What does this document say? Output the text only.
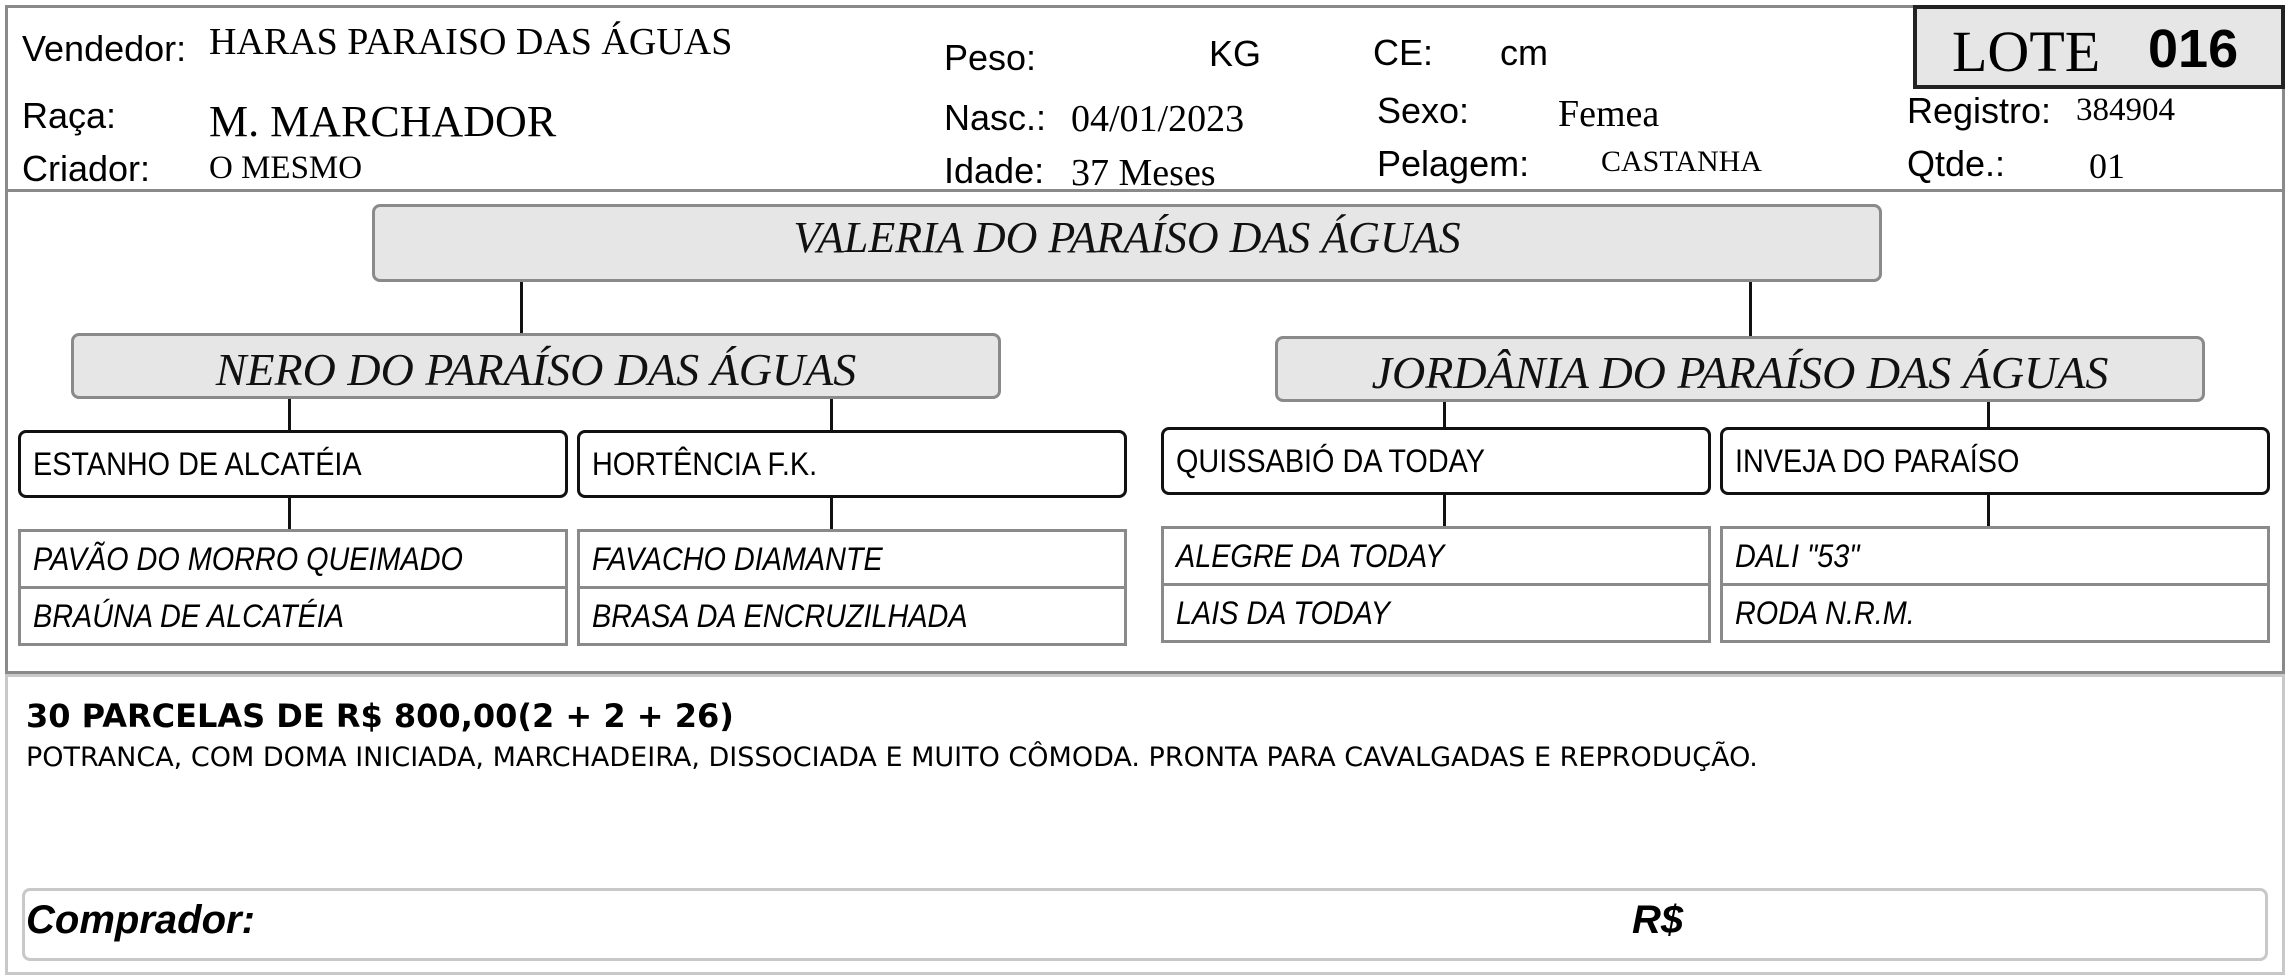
Vendedor: HARAS PARAISO DAS ÁGUAS
Raça: M. MARCHADOR
Criador: O MESMO
Peso:	KG
Nasc.: 04/01/2023
Idade: 37 Meses
CE: cm
Sexo: Femea
Pelagem: CASTANHA
LOTE 016
Registro: 384904
Qtde.: 01
VALERIA DO PARAÍSO DAS ÁGUAS
NERO DO PARAÍSO DAS ÁGUAS	JORDÂNIA DO PARAÍSO DAS ÁGUAS
ESTANHO DE ALCATÉIA	HORTÊNCIA F.K.	QUISSABIÓ DA TODAY	INVEJA DO PARAÍSO
PAVÃO DO MORRO QUEIMADO
BRAÚNA DE ALCATÉIA
FAVACHO DIAMANTE
BRASA DA ENCRUZILHADA
ALEGRE DA TODAY
LAIS DA TODAY
DALI "53"
RODA N.R.M.
30 PARCELAS DE R$ 800,00(2 + 2 + 26)
POTRANCA, COM DOMA INICIADA, MARCHADEIRA, DISSOCIADA E MUITO CÔMODA. PRONTA PARA CAVALGADAS E REPRODUÇÃO.
Comprador:	R$
